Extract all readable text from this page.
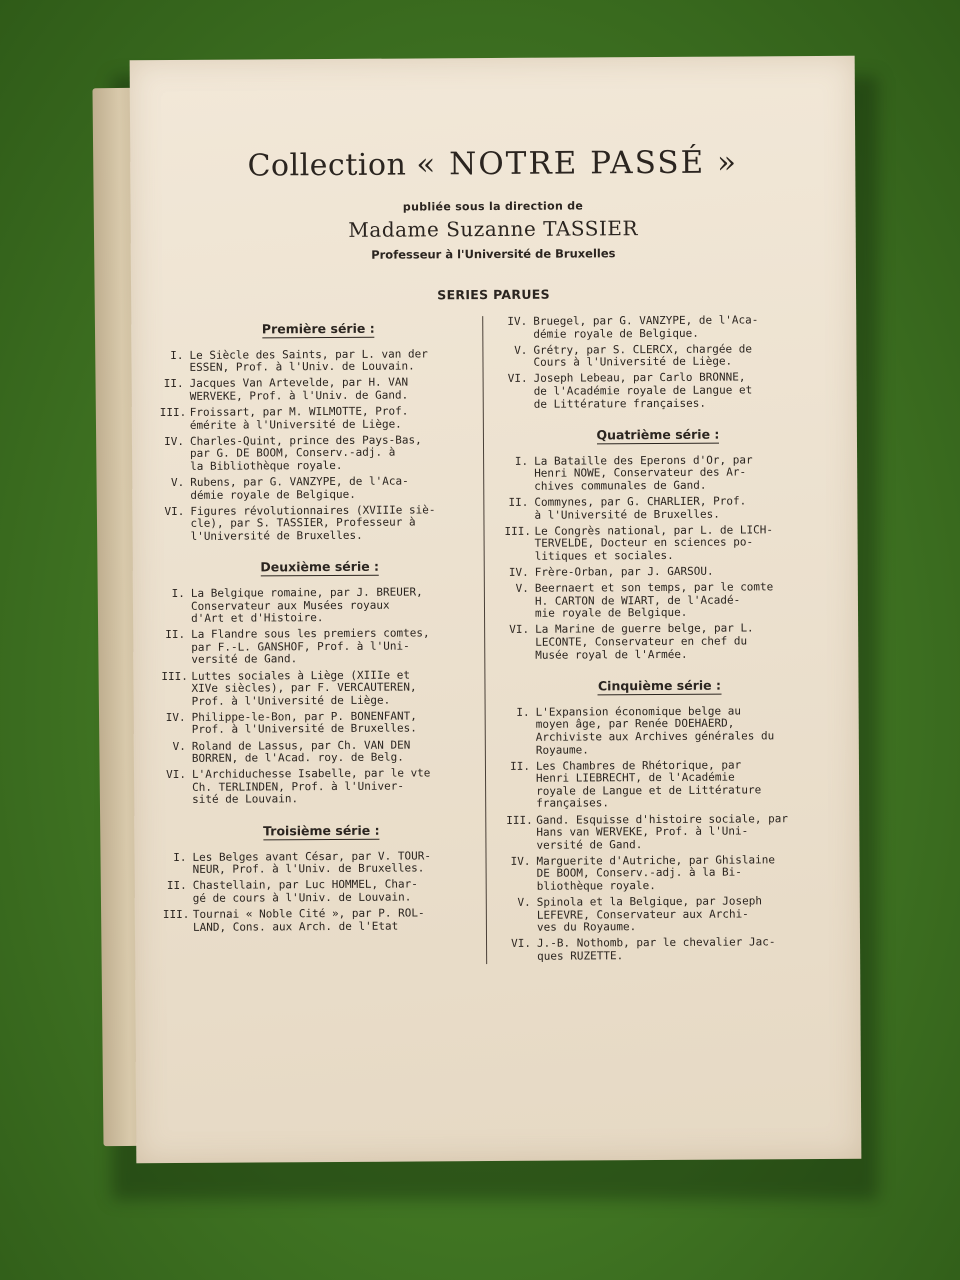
Collection « NOTRE PASSÉ »
publiée sous la direction de
Madame Suzanne TASSIER
Professeur à l'Université de Bruxelles
SERIES PARUES
Première série :
I. Le Siècle des Saints, par L. van der
ESSEN, Prof. à l'Univ. de Louvain.
II. Jacques Van Artevelde, par H. VAN
WERVEKE, Prof. à l'Univ. de Gand.
III. Froissart, par M. WILMOTTE, Prof.
émérite à l'Université de Liège.
IV. Charles-Quint, prince des Pays-Bas,
par G. DE BOOM, Conserv.-adj. à
la Bibliothèque royale.
V. Rubens, par G. VANZYPE, de l'Aca-
démie royale de Belgique.
VI. Figures révolutionnaires (XVIIIe siè-
cle), par S. TASSIER, Professeur à
l'Université de Bruxelles.
Deuxième série :
I. La Belgique romaine, par J. BREUER,
Conservateur aux Musées royaux
d'Art et d'Histoire.
II. La Flandre sous les premiers comtes,
par F.-L. GANSHOF, Prof. à l'Uni-
versité de Gand.
III. Luttes sociales à Liège (XIIIe et
XIVe siècles), par F. VERCAUTEREN,
Prof. à l'Université de Liège.
IV. Philippe-le-Bon, par P. BONENFANT,
Prof. à l'Université de Bruxelles.
V. Roland de Lassus, par Ch. VAN DEN
BORREN, de l'Acad. roy. de Belg.
VI. L'Archiduchesse Isabelle, par le vte
Ch. TERLINDEN, Prof. à l'Univer-
sité de Louvain.
Troisième série :
I. Les Belges avant César, par V. TOUR-
NEUR, Prof. à l'Univ. de Bruxelles.
II. Chastellain, par Luc HOMMEL, Char-
gé de cours à l'Univ. de Louvain.
III. Tournai « Noble Cité », par P. ROL-
LAND, Cons. aux Arch. de l'Etat
IV. Bruegel, par G. VANZYPE, de l'Aca-
démie royale de Belgique.
V. Grétry, par S. CLERCX, chargée de
Cours à l'Université de Liège.
VI. Joseph Lebeau, par Carlo BRONNE,
de l'Académie royale de Langue et
de Littérature françaises.
Quatrième série :
I. La Bataille des Eperons d'Or, par
Henri NOWE, Conservateur des Ar-
chives communales de Gand.
II. Commynes, par G. CHARLIER, Prof.
à l'Université de Bruxelles.
III. Le Congrès national, par L. de LICH-
TERVELDE, Docteur en sciences po-
litiques et sociales.
IV. Frère-Orban, par J. GARSOU.
V. Beernaert et son temps, par le comte
H. CARTON de WIART, de l'Acadé-
mie royale de Belgique.
VI. La Marine de guerre belge, par L.
LECONTE, Conservateur en chef du
Musée royal de l'Armée.
Cinquième série :
I. L'Expansion économique belge au
moyen âge, par Renée DOEHAERD,
Archiviste aux Archives générales du
Royaume.
II. Les Chambres de Rhétorique, par
Henri LIEBRECHT, de l'Académie
royale de Langue et de Littérature
françaises.
III. Gand. Esquisse d'histoire sociale, par
Hans van WERVEKE, Prof. à l'Uni-
versité de Gand.
IV. Marguerite d'Autriche, par Ghislaine
DE BOOM, Conserv.-adj. à la Bi-
bliothèque royale.
V. Spinola et la Belgique, par Joseph
LEFEVRE, Conservateur aux Archi-
ves du Royaume.
VI. J.-B. Nothomb, par le chevalier Jac-
ques RUZETTE.
